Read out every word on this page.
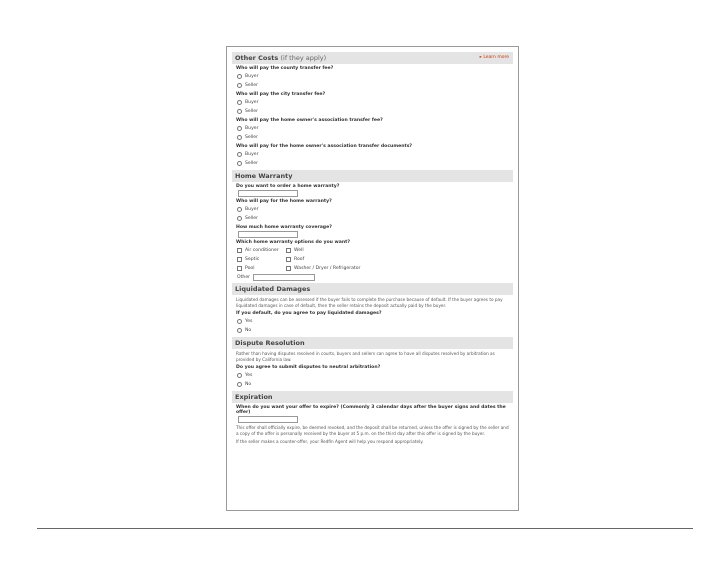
Other Costs (if they apply)	▸ Learn more
Who will pay the county transfer fee?
Buyer
Seller
Who will pay the city transfer fee?
Buyer
Seller
Who will pay the home owner's association transfer fee?
Buyer
Seller
Who will pay for the home owner's association transfer documents?
Buyer
Seller
Home Warranty
Do you want to order a home warranty?
Who will pay for the home warranty?
Buyer
Seller
How much home warranty coverage?
Which home warranty options do you want?
Air conditioner	Well
Septic	Roof
Pool	Washer / Dryer / Refrigerator
Other
Liquidated Damages
Liquidated damages can be assessed if the buyer fails to complete the purchase because of default. If the buyer agrees to pay liquidated damages in case of default, then the seller retains the deposit actually paid by the buyer.
If you default, do you agree to pay liquidated damages?
Yes
No
Dispute Resolution
Rather than having disputes resolved in courts, buyers and sellers can agree to have all disputes resolved by arbitration as provided by California law.
Do you agree to submit disputes to neutral arbitration?
Yes
No
Expiration
When do you want your offer to expire? (Commonly 3 calendar days after the buyer signs and dates the offer)
This offer shall officially expire, be deemed revoked, and the deposit shall be returned, unless the offer is signed by the seller and a copy of the offer is personally received by the buyer at 5 p.m. on the third day after this offer is signed by the buyer.
If the seller makes a counter-offer, your Redfin Agent will help you respond appropriately.
